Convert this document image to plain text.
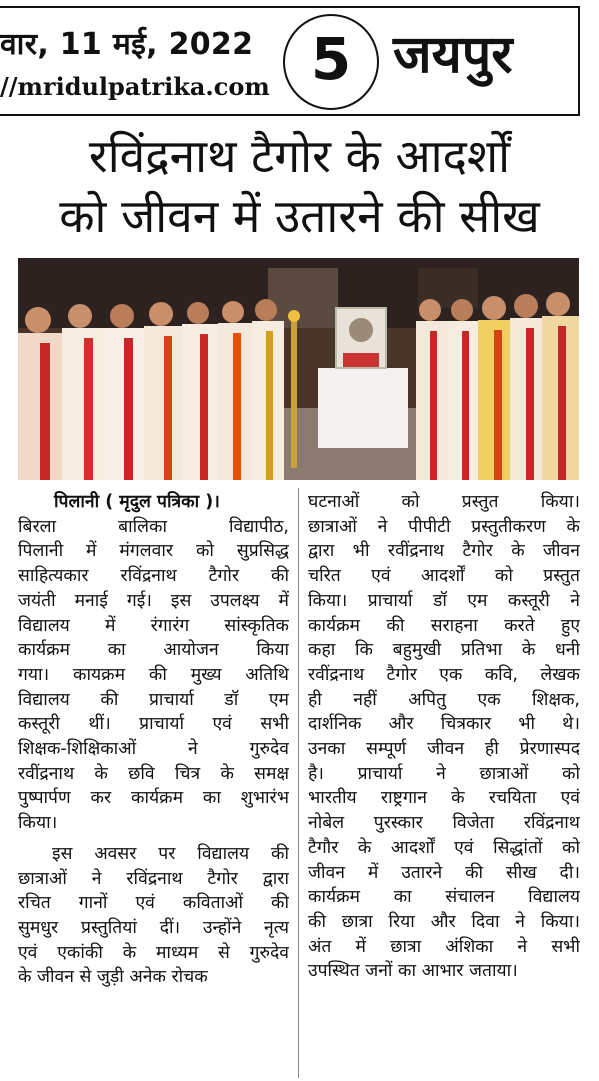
वार, 11 मई, 2022
//mridulpatrika.com 5 जयपुर
रविंद्रनाथ टैगोर के आदर्शों
को जीवन में उतारने की सीख

पिलानी ( मृदुल पत्रिका )।

बिरला बालिका विद्यापीठ,
पिलानी में मंगलवार को सुप्रसिद्ध
साहित्यकार रविंद्रनाथ टैगोर की
जयंती मनाई गई। इस उपलक्ष्य में
विद्यालय में रंगारंग सांस्कृतिक
कार्यक्रम का आयोजन किया
गया। कायक्रम की मुख्य अतिथि
विद्यालय की प्राचार्या डॉ एम
कस्तूरी थीं। प्राचार्या एवं सभी
शिक्षक-शिक्षिकाओं ने गुरुदेव
रवींद्रनाथ के छवि चित्र के समक्ष
पुष्पार्पण कर कार्यक्रम का शुभारंभ
किया।
इस अवसर पर विद्यालय की
छात्राओं ने रविंद्रनाथ टैगोर द्वारा
रचित गानों एवं कविताओं की
सुमधुर प्रस्तुतियां दीं। उन्होंने नृत्य
एवं एकांकी के माध्यम से गुरुदेव
के जीवन से जुड़ी अनेक रोचक
घटनाओं को प्रस्तुत किया।
छात्राओं ने पीपीटी प्रस्तुतीकरण के
द्वारा भी रवींद्रनाथ टैगोर के जीवन
चरित एवं आदर्शों को प्रस्तुत
किया। प्राचार्या डॉ एम कस्तूरी ने
कार्यक्रम की सराहना करते हुए
कहा कि बहुमुखी प्रतिभा के धनी
रवींद्रनाथ टैगोर एक कवि, लेखक
ही नहीं अपितु एक शिक्षक,
दार्शनिक और चित्रकार भी थे।
उनका सम्पूर्ण जीवन ही प्रेरणास्पद
है। प्राचार्या ने छात्राओं को
भारतीय राष्ट्रगान के रचयिता एवं
नोबेल पुरस्कार विजेता रविंद्रनाथ
टैगौर के आदर्शों एवं सिद्धांतों को
जीवन में उतारने की सीख दी।
कार्यक्रम का संचालन विद्यालय
की छात्रा रिया और दिवा ने किया।
अंत में छात्रा अंशिका ने सभी
उपस्थित जनों का आभार जताया।
